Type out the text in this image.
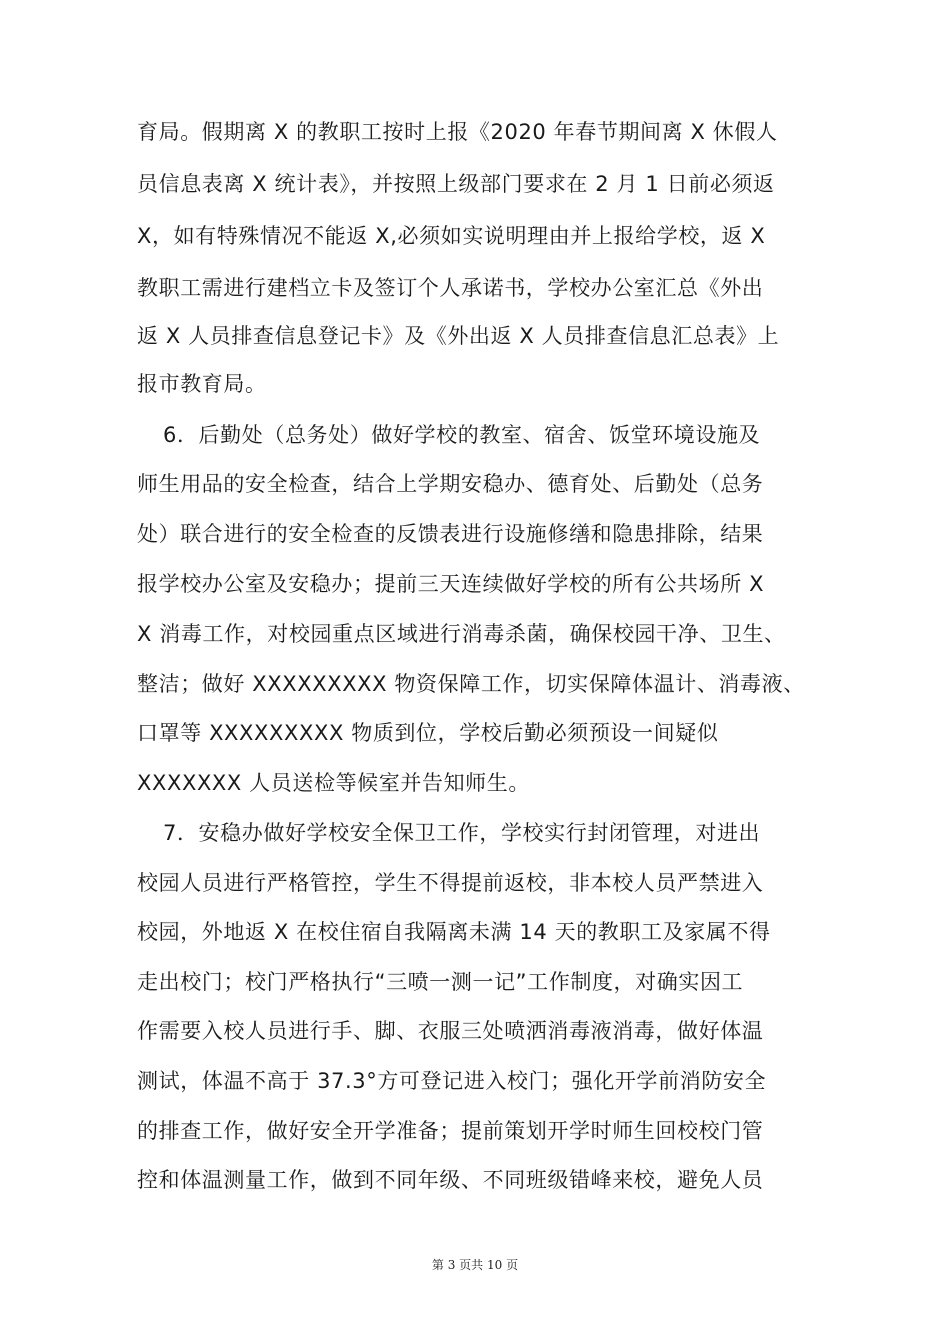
育局。假期离 X 的教职工按时上报《2020 年春节期间离 X 休假人
员信息表离 X 统计表》，并按照上级部门要求在 2 月 1 日前必须返
X，如有特殊情况不能返 X,必须如实说明理由并上报给学校，返 X
教职工需进行建档立卡及签订个人承诺书，学校办公室汇总《外出
返 X 人员排查信息登记卡》及《外出返 X 人员排查信息汇总表》上
报市教育局。
6．后勤处（总务处）做好学校的教室、宿舍、饭堂环境设施及
师生用品的安全检查，结合上学期安稳办、德育处、后勤处（总务
处）联合进行的安全检查的反馈表进行设施修缮和隐患排除，结果
报学校办公室及安稳办；提前三天连续做好学校的所有公共场所 X
X 消毒工作，对校园重点区域进行消毒杀菌，确保校园干净、卫生、
整洁；做好 XXXXXXXXX 物资保障工作，切实保障体温计、消毒液、
口罩等 XXXXXXXXX 物质到位，学校后勤必须预设一间疑似
XXXXXXX 人员送检等候室并告知师生。
7．安稳办做好学校安全保卫工作，学校实行封闭管理，对进出
校园人员进行严格管控，学生不得提前返校，非本校人员严禁进入
校园，外地返 X 在校住宿自我隔离未满 14 天的教职工及家属不得
走出校门；校门严格执行“三喷一测一记”工作制度，对确实因工
作需要入校人员进行手、脚、衣服三处喷洒消毒液消毒，做好体温
测试，体温不高于 37.3°方可登记进入校门；强化开学前消防安全
的排查工作，做好安全开学准备；提前策划开学时师生回校校门管
控和体温测量工作，做到不同年级、不同班级错峰来校，避免人员
第 3 页共 10 页
